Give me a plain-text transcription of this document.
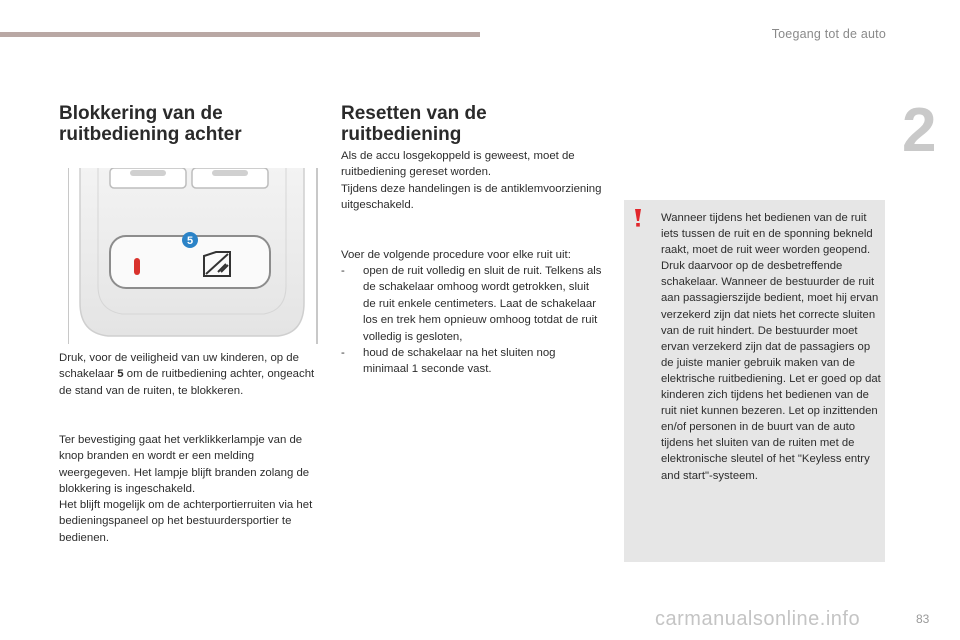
Toegang tot de auto
2
Blokkering van de
ruitbediening achter
5

Druk, voor de veiligheid van uw kinderen, op de schakelaar 5 om de ruitbediening achter, ongeacht de stand van de ruiten, te blokkeren.

Ter bevestiging gaat het verklikkerlampje van de knop branden en wordt er een melding weergegeven. Het lampje blijft branden zolang de blokkering is ingeschakeld.

Het blijft mogelijk om de achterportierruiten via het bedieningspaneel op het bestuurdersportier te bedienen.

Resetten van de
ruitbediening

Als de accu losgekoppeld is geweest, moet de ruitbediening gereset worden.

Tijdens deze handelingen is de antiklemvoorziening uitgeschakeld.

Voer de volgende procedure voor elke ruit uit:

- open de ruit volledig en sluit de ruit. Telkens als de schakelaar omhoog wordt getrokken, sluit de ruit enkele centimeters. Laat de schakelaar los en trek hem opnieuw omhoog totdat de ruit volledig is gesloten,
- houd de schakelaar na het sluiten nog minimaal 1 seconde vast.

Wanneer tijdens het bedienen van de ruit iets tussen de ruit en de sponning bekneld raakt, moet de ruit weer worden geopend. Druk daarvoor op de desbetreffende schakelaar. Wanneer de bestuurder de ruit aan passagierszijde bedient, moet hij ervan verzekerd zijn dat niets het correcte sluiten van de ruit hindert. De bestuurder moet ervan verzekerd zijn dat de passagiers op de juiste manier gebruik maken van de elektrische ruitbediening. Let er goed op dat kinderen zich tijdens het bedienen van de ruit niet kunnen bezeren. Let op inzittenden en/of personen in de buurt van de auto tijdens het sluiten van de ruiten met de elektronische sleutel of het "Keyless entry and start"-systeem.

carmanualsonline.info	83
